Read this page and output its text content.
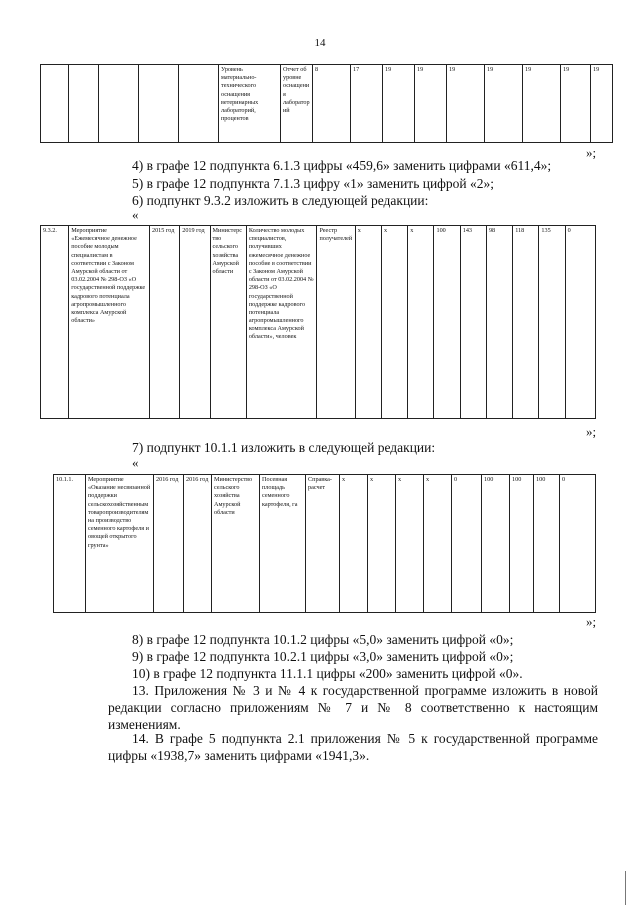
14
					Уровень материально-технического оснащения ветеринарных лабораторий, процентов	Отчет об уровне оснащения лабораторий	8	17	19	19	19	19	19	19	19
»;
4) в графе 12 подпункта 6.1.3 цифры «459,6» заменить цифрами «611,4»;
5) в графе 12 подпункта 7.1.3 цифру «1» заменить цифрой «2»;
6) подпункт 9.3.2 изложить в следующей редакции:
«
9.3.2.	Мероприятие «Ежемесячное денежное пособие молодым специалистам в соответствии с Законом Амурской области от 03.02.2004 № 298-ОЗ «О государственной поддержке кадрового потенциала агропромышленного комплекса Амурской области»	2015 год	2019 год	Министерство сельского хозяйства Амурской области	Количество молодых специалистов, получивших ежемесячное денежное пособие в соответствии с Законом Амурской области от 03.02.2004 № 298-ОЗ «О государственной поддержке кадрового потенциала агропромышленного комплекса Амурской области», человек	Реестр получателей	х	х	х	100	143	98	118	135	0
»;
7) подпункт 10.1.1 изложить в следующей редакции:
«
10.1.1.	Мероприятие «Оказание несвязанной поддержки сельскохозяйственным товаропроизводителям на производство семенного картофеля и овощей открытого грунта»	2016 год	2016 год	Министерство сельского хозяйства Амурской области	Посевная площадь семенного картофеля, га	Справка-расчет	х	х	х	х	0	100	100	100	0
»;
8) в графе 12 подпункта 10.1.2 цифры «5,0» заменить цифрой «0»;
9) в графе 12 подпункта 10.2.1 цифры «3,0» заменить цифрой «0»;
10) в графе 12 подпункта 11.1.1 цифры «200» заменить цифрой «0».
13. Приложения № 3 и № 4 к государственной программе изложить в новой редакции согласно приложениям № 7 и № 8 соответственно к настоящим изменениям.
14. В графе 5 подпункта 2.1 приложения № 5 к государственной программе цифры «1938,7» заменить цифрами «1941,3».
